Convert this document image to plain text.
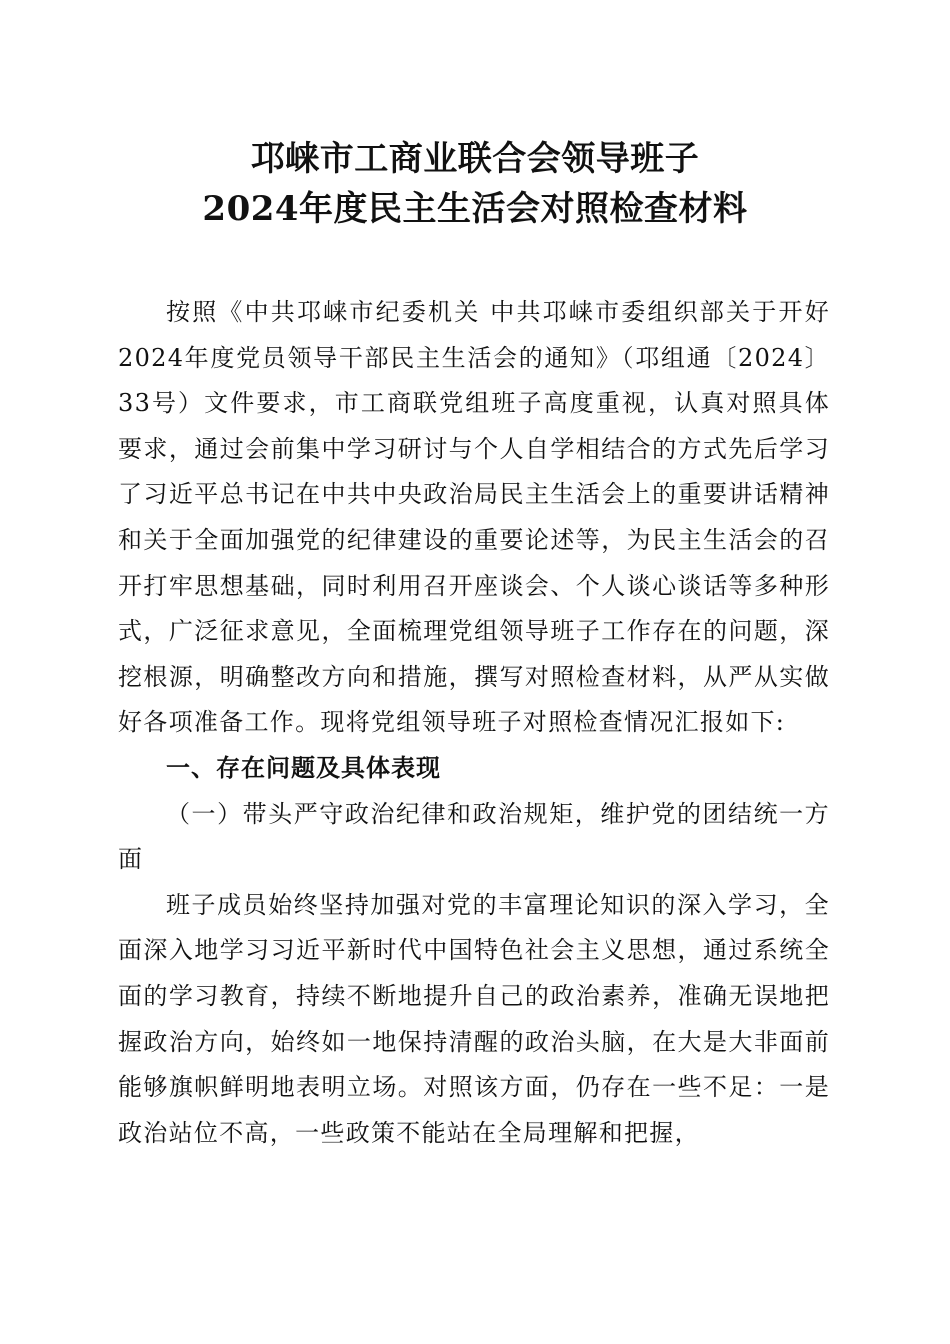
邛崃市工商业联合会领导班子
2024年度民主生活会对照检查材料

按照《中共邛崃市纪委机关 中共邛崃市委组织部关于开好2024年度党员领导干部民主生活会的通知》（邛组通〔2024〕33号）文件要求，市工商联党组班子高度重视，认真对照具体要求，通过会前集中学习研讨与个人自学相结合的方式先后学习了习近平总书记在中共中央政治局民主生活会上的重要讲话精神和关于全面加强党的纪律建设的重要论述等，为民主生活会的召开打牢思想基础，同时利用召开座谈会、个人谈心谈话等多种形式，广泛征求意见，全面梳理党组领导班子工作存在的问题，深挖根源，明确整改方向和措施，撰写对照检查材料，从严从实做好各项准备工作。现将党组领导班子对照检查情况汇报如下:

一、存在问题及具体表现

（一）带头严守政治纪律和政治规矩，维护党的团结统一方面

班子成员始终坚持加强对党的丰富理论知识的深入学习，全面深入地学习习近平新时代中国特色社会主义思想，通过系统全面的学习教育，持续不断地提升自己的政治素养，准确无误地把握政治方向，始终如一地保持清醒的政治头脑，在大是大非面前能够旗帜鲜明地表明立场。对照该方面，仍存在一些不足：一是政治站位不高，一些政策不能站在全局理解和把握，
